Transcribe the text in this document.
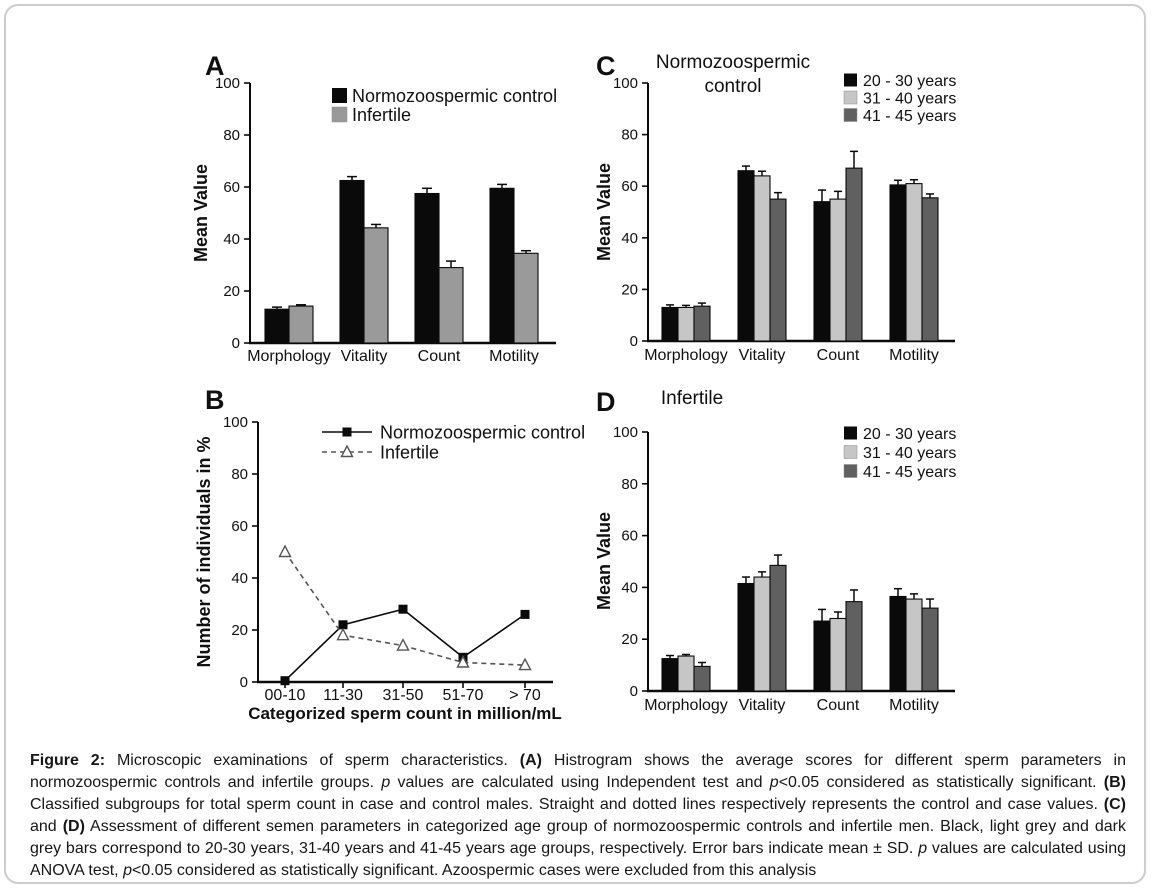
0
20
40
60
80
100
Mean Value
A
Morphology Vitality Count Motility
Normozoospermic control
Infertile
0
20
40
60
80
100
Number of individuals in %
B
00-10 11-30 31-50 51-70 > 70
Categorized sperm count in million/mL
Normozoospermic control
Infertile
0
20
40
60
80
100
Mean Value
C Normozoospermic
control
Morphology Vitality Count Motility
20 - 30 years
31 - 40 years
41 - 45 years
0
20
40
60
80
100
Mean Value
D Infertile
Morphology Vitality Count Motility
20 - 30 years
31 - 40 years
41 - 45 years
Figure 2: Microscopic examinations of sperm characteristics. (A) Histrogram shows the average scores for different sperm parameters in normozoospermic controls and infertile groups. p values are calculated using Independent test and p<0.05 considered as statistically significant. (B) Classified subgroups for total sperm count in case and control males. Straight and dotted lines respectively represents the control and case values. (C) and (D) Assessment of different semen parameters in categorized age group of normozoospermic controls and infertile men. Black, light grey and dark grey bars correspond to 20-30 years, 31-40 years and 41-45 years age groups, respectively. Error bars indicate mean ± SD. p values are calculated using ANOVA test, p<0.05 considered as statistically significant. Azoospermic cases were excluded from this analysis
